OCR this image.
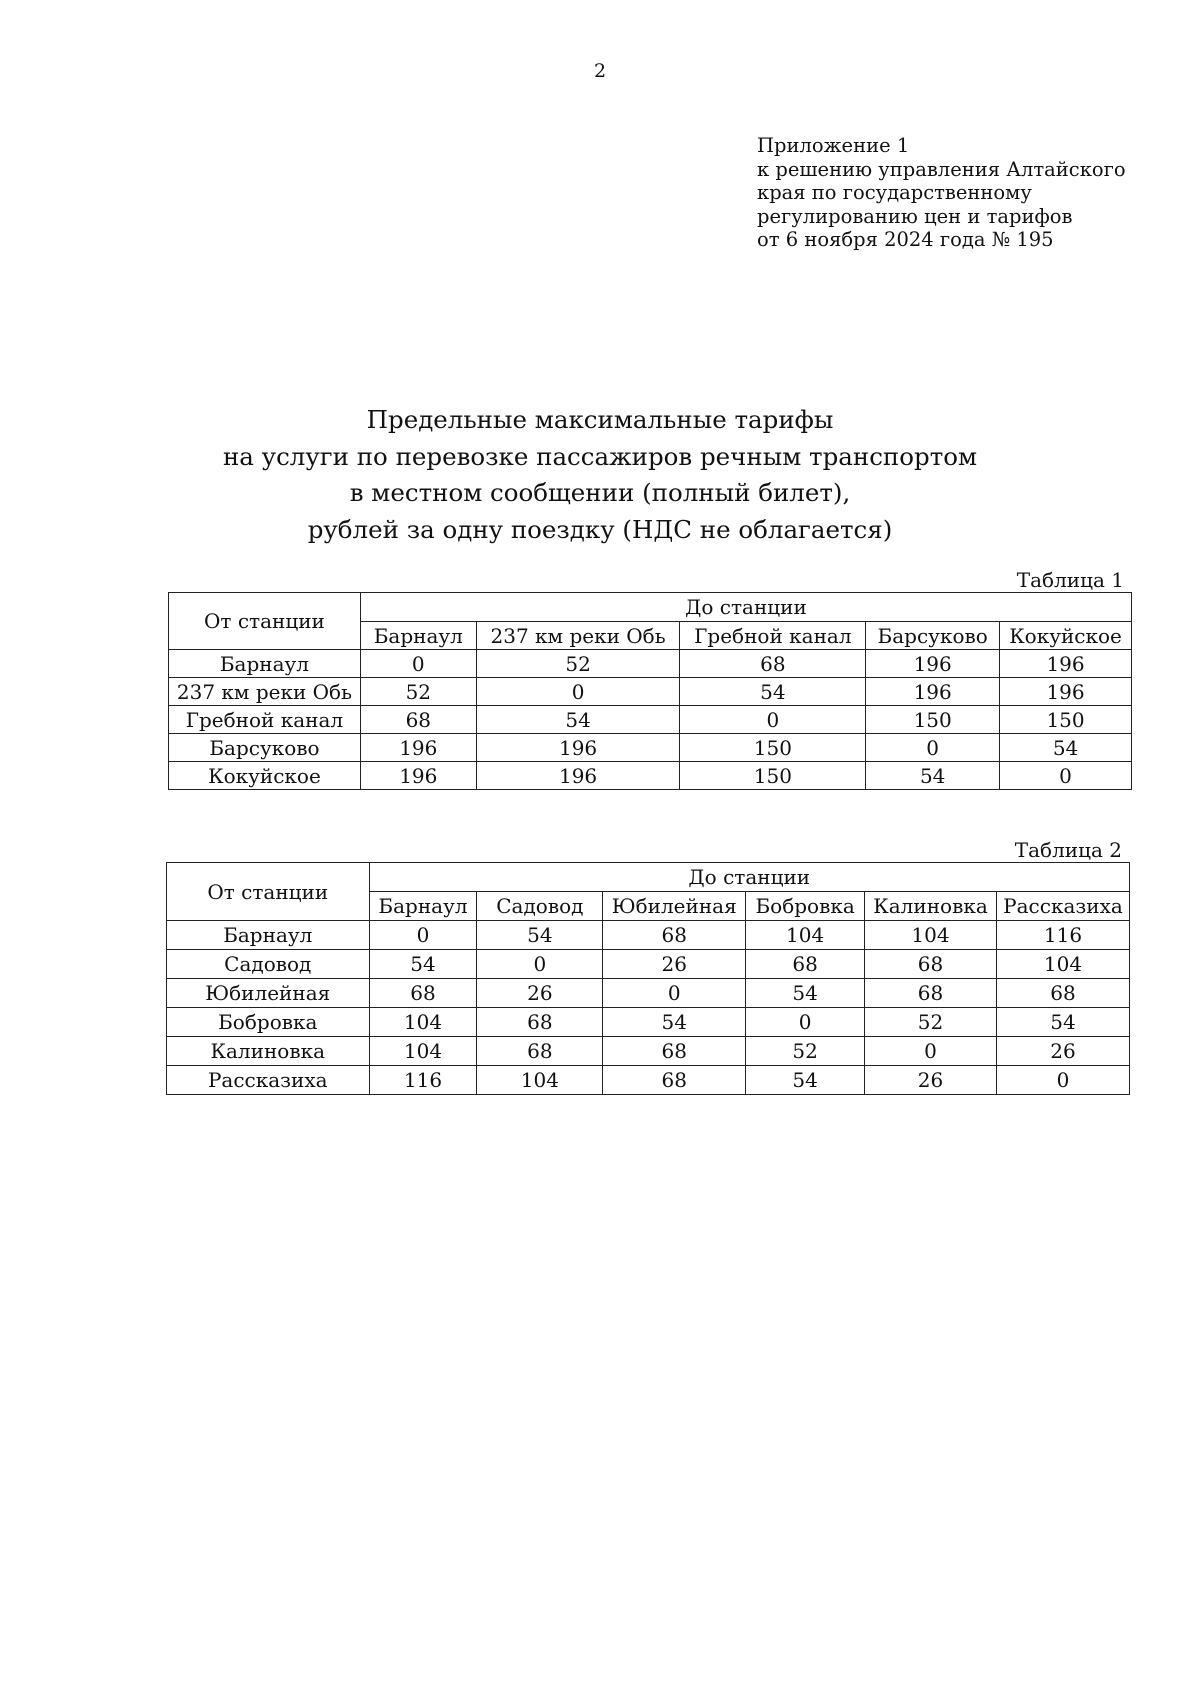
2
Приложение 1
к решению управления Алтайского
края по государственному
регулированию цен и тарифов
от 6 ноября 2024 года № 195
Предельные максимальные тарифы
на услуги по перевозке пассажиров речным транспортом
в местном сообщении (полный билет),
рублей за одну поездку (НДС не облагается)
Таблица 1
От станции	До станции				
	Барнаул	237 км реки Обь	Гребной канал	Барсуково	Кокуйское
Барнаул	0	52	68	196	196
237 км реки Обь	52	0	54	196	196
Гребной канал	68	54	0	150	150
Барсуково	196	196	150	0	54
Кокуйское	196	196	150	54	0
Таблица 2
От станции	До станции					
	Барнаул	Садовод	Юбилейная	Бобровка	Калиновка	Рассказиха
Барнаул	0	54	68	104	104	116
Садовод	54	0	26	68	68	104
Юбилейная	68	26	0	54	68	68
Бобровка	104	68	54	0	52	54
Калиновка	104	68	68	52	0	26
Рассказиха	116	104	68	54	26	0
